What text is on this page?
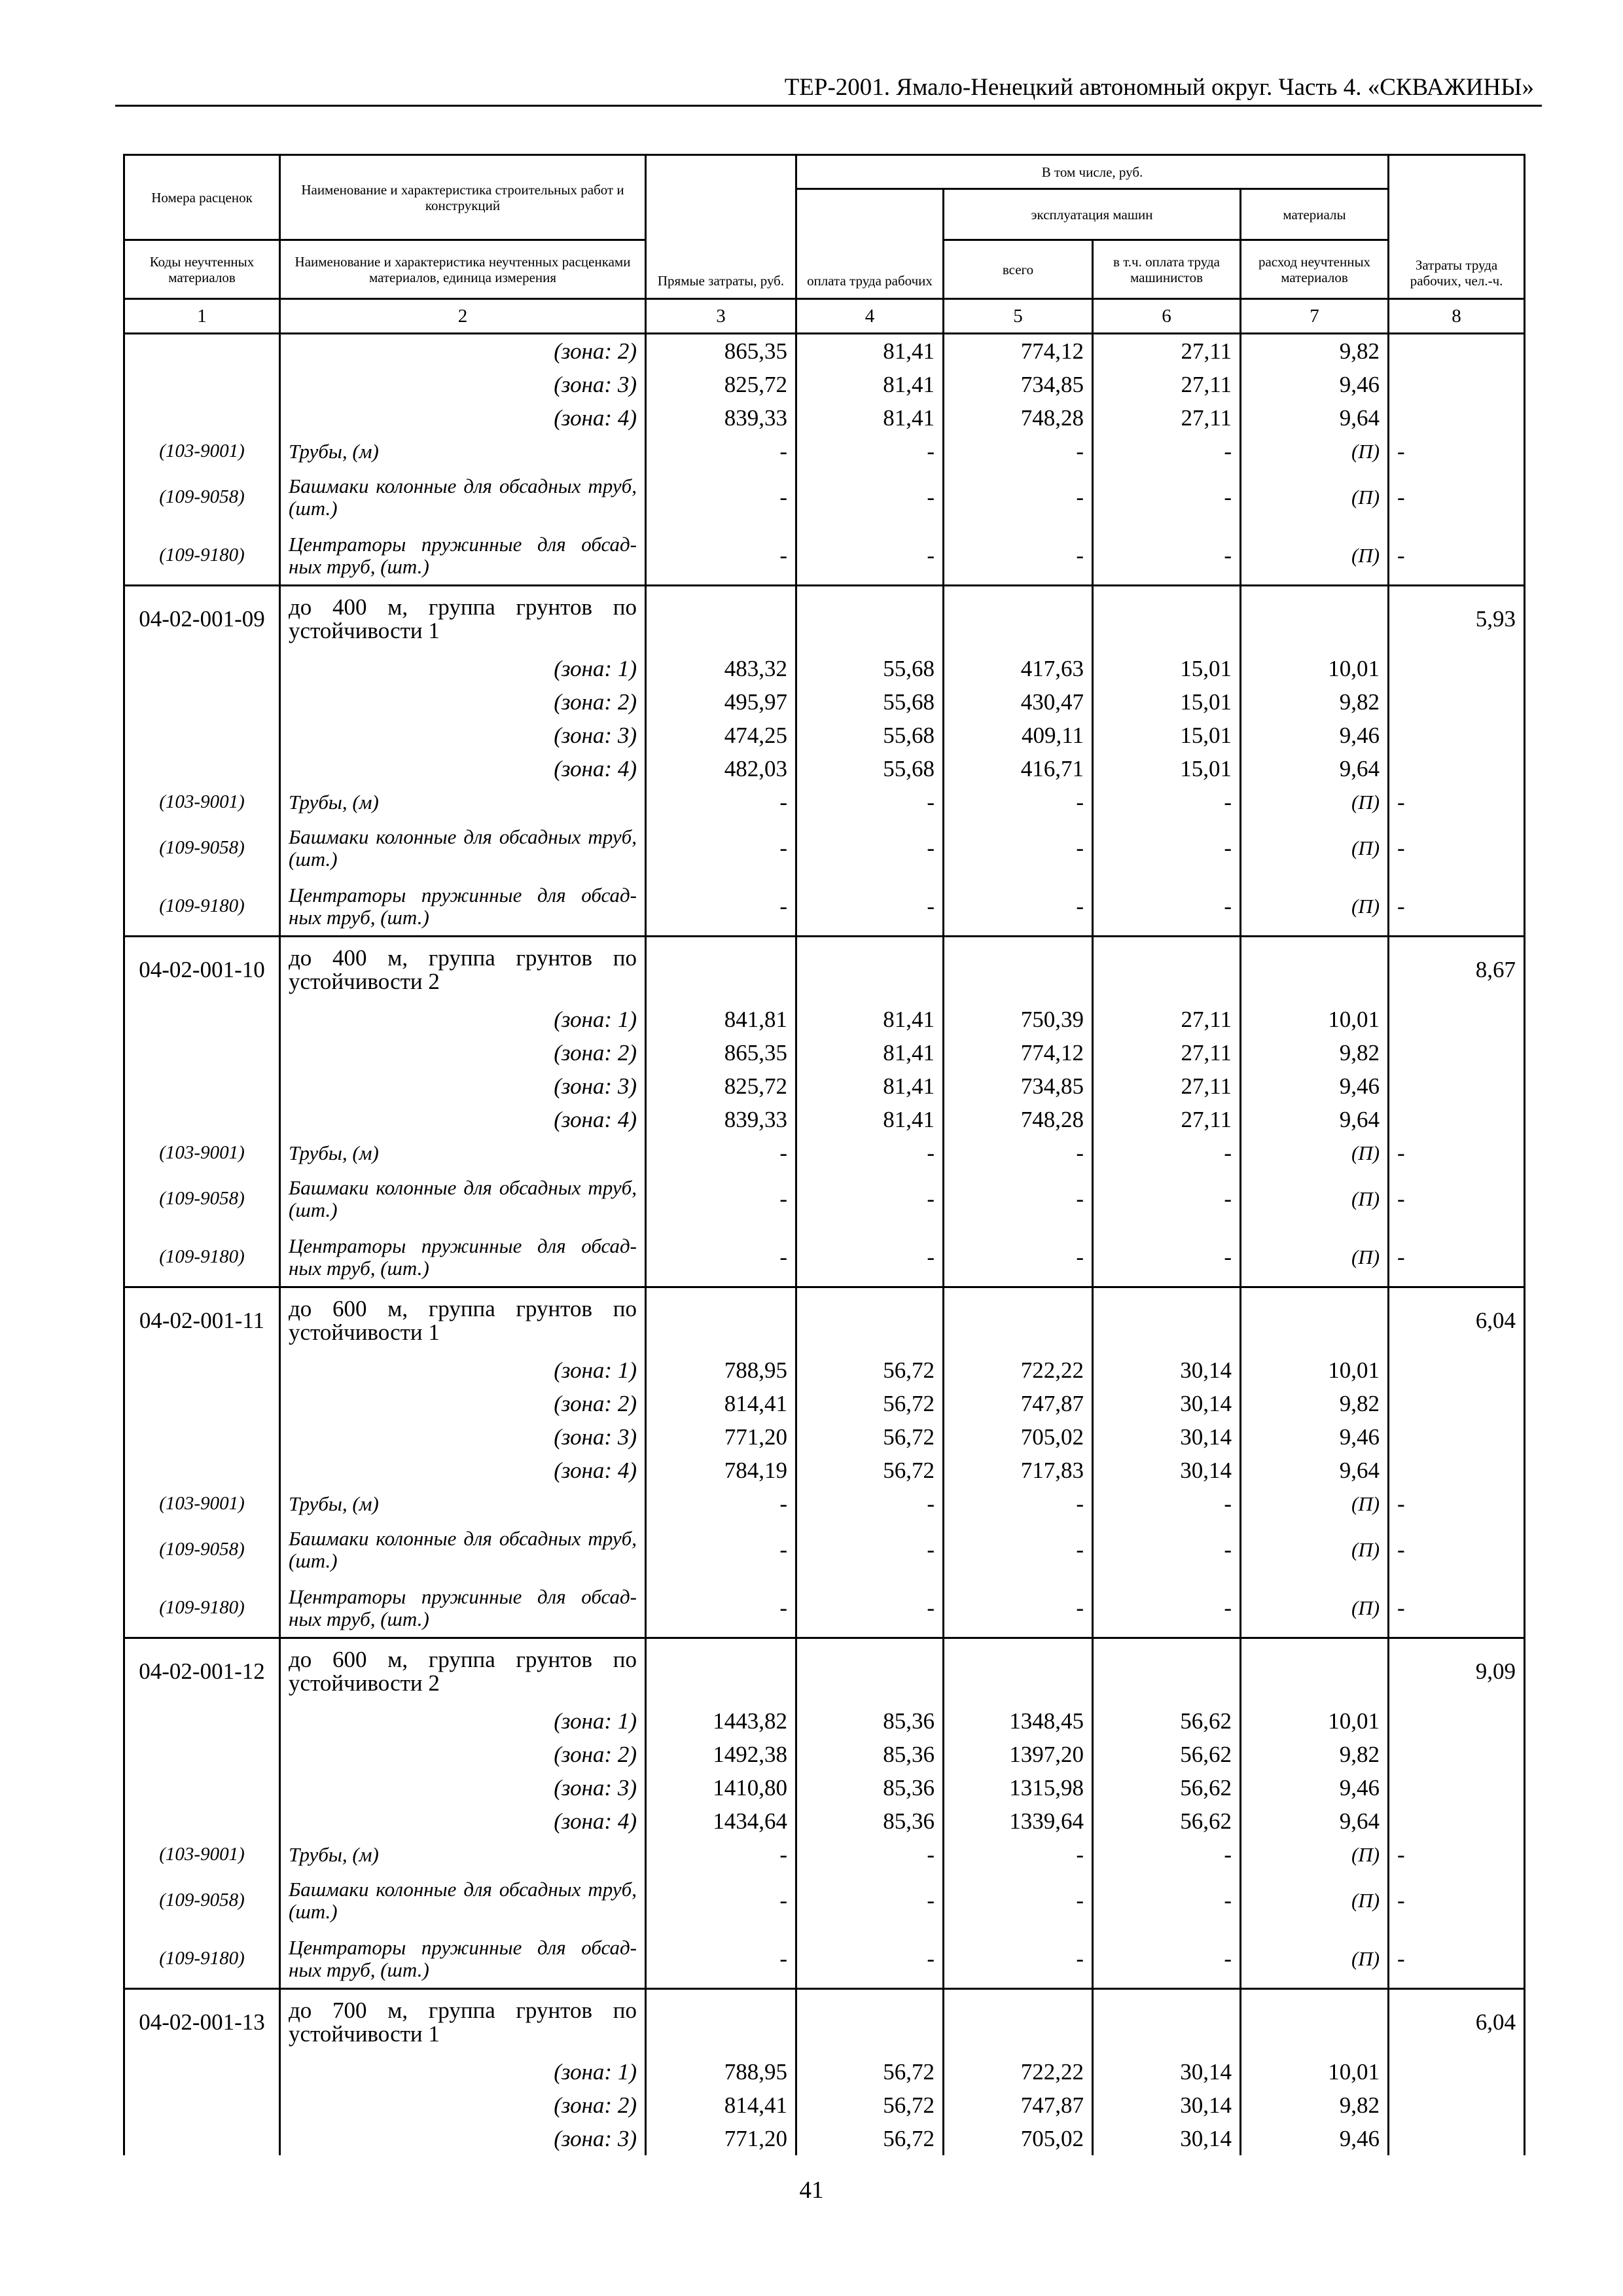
ТЕР-2001. Ямало-Ненецкий автономный округ. Часть 4. «СКВАЖИНЫ»
Номера расценок	Наименование и характеристика строительных работ и конструкций	Прямые затраты, руб.	В том числе, руб.				Затраты труда рабочих, чел.-ч.
			оплата труда рабочих	эксплуатация машин		материалы	
Коды неучтенных материалов	Наименование и характеристика неучтенных расценками материалов, единица измерения			всего	в т.ч. оплата труда машинистов	расход неучтенных материалов	
1	2	3	4	5	6	7	8
	(зона: 2)	865,35	81,41	774,12	27,11	9,82	
	(зона: 3)	825,72	81,41	734,85	27,11	9,46	
	(зона: 4)	839,33	81,41	748,28	27,11	9,64	
(103-9001)	Трубы, (м)	-	-	-	-	(П)	-
(109-9058)	Башмаки колонные для обсадных труб, (шт.)	-	-	-	-	(П)	-
(109-9180)	Центраторы пружинные для обсад-ных труб, (шт.)	-	-	-	-	(П)	-
04-02-001-09	до 400 м, группа грунтов по устойчивости 1						5,93
	(зона: 1)	483,32	55,68	417,63	15,01	10,01	
	(зона: 2)	495,97	55,68	430,47	15,01	9,82	
	(зона: 3)	474,25	55,68	409,11	15,01	9,46	
	(зона: 4)	482,03	55,68	416,71	15,01	9,64	
(103-9001)	Трубы, (м)	-	-	-	-	(П)	-
(109-9058)	Башмаки колонные для обсадных труб, (шт.)	-	-	-	-	(П)	-
(109-9180)	Центраторы пружинные для обсад-ных труб, (шт.)	-	-	-	-	(П)	-
04-02-001-10	до 400 м, группа грунтов по устойчивости 2						8,67
	(зона: 1)	841,81	81,41	750,39	27,11	10,01	
	(зона: 2)	865,35	81,41	774,12	27,11	9,82	
	(зона: 3)	825,72	81,41	734,85	27,11	9,46	
	(зона: 4)	839,33	81,41	748,28	27,11	9,64	
(103-9001)	Трубы, (м)	-	-	-	-	(П)	-
(109-9058)	Башмаки колонные для обсадных труб, (шт.)	-	-	-	-	(П)	-
(109-9180)	Центраторы пружинные для обсад-ных труб, (шт.)	-	-	-	-	(П)	-
04-02-001-11	до 600 м, группа грунтов по устойчивости 1						6,04
	(зона: 1)	788,95	56,72	722,22	30,14	10,01	
	(зона: 2)	814,41	56,72	747,87	30,14	9,82	
	(зона: 3)	771,20	56,72	705,02	30,14	9,46	
	(зона: 4)	784,19	56,72	717,83	30,14	9,64	
(103-9001)	Трубы, (м)	-	-	-	-	(П)	-
(109-9058)	Башмаки колонные для обсадных труб, (шт.)	-	-	-	-	(П)	-
(109-9180)	Центраторы пружинные для обсад-ных труб, (шт.)	-	-	-	-	(П)	-
04-02-001-12	до 600 м, группа грунтов по устойчивости 2						9,09
	(зона: 1)	1443,82	85,36	1348,45	56,62	10,01	
	(зона: 2)	1492,38	85,36	1397,20	56,62	9,82	
	(зона: 3)	1410,80	85,36	1315,98	56,62	9,46	
	(зона: 4)	1434,64	85,36	1339,64	56,62	9,64	
(103-9001)	Трубы, (м)	-	-	-	-	(П)	-
(109-9058)	Башмаки колонные для обсадных труб, (шт.)	-	-	-	-	(П)	-
(109-9180)	Центраторы пружинные для обсад-ных труб, (шт.)	-	-	-	-	(П)	-
04-02-001-13	до 700 м, группа грунтов по устойчивости 1						6,04
	(зона: 1)	788,95	56,72	722,22	30,14	10,01	
	(зона: 2)	814,41	56,72	747,87	30,14	9,82	
	(зона: 3)	771,20	56,72	705,02	30,14	9,46	
41
